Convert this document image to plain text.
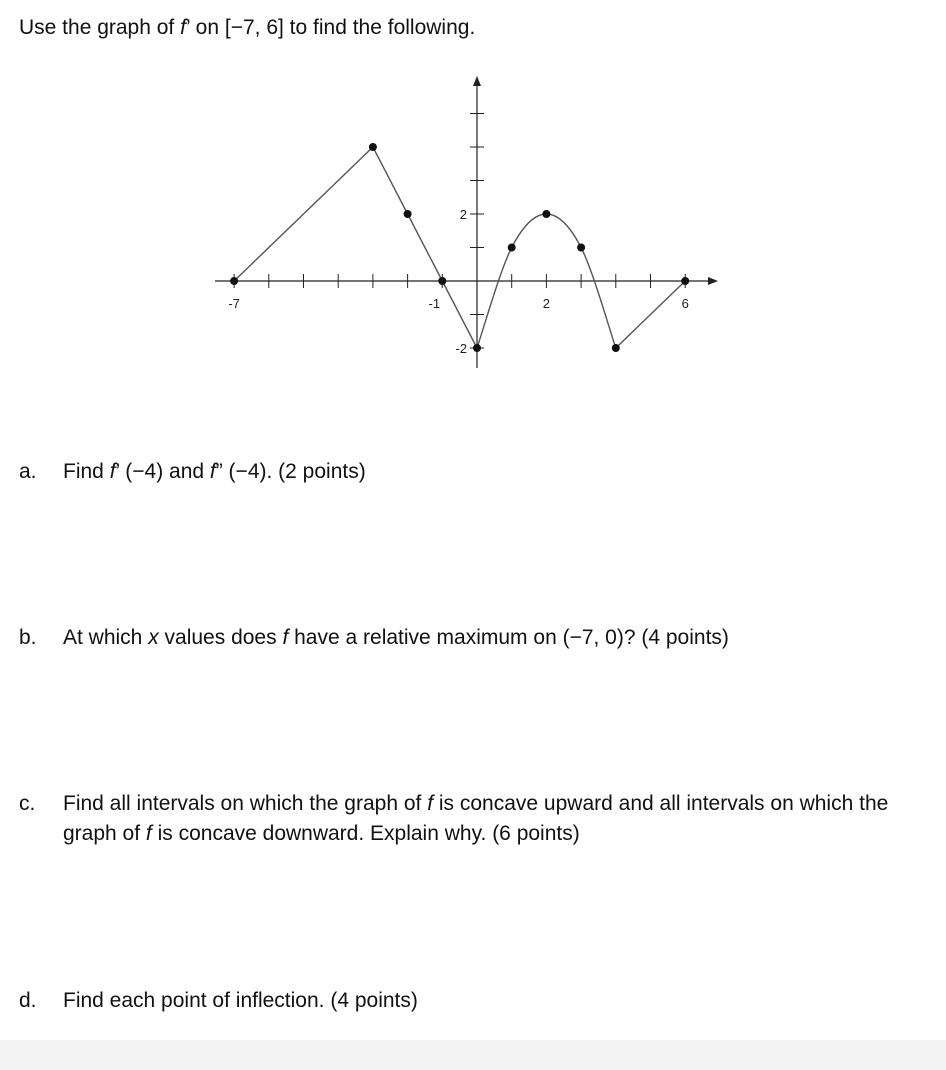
Use the graph of f’ on [−7, 6] to find the following.
-7	-1	2	6
2
-2
a. Find f’ (−4) and f” (−4). (2 points)
b. At which x values does f have a relative maximum on (−7, 0)? (4 points)
c. Find all intervals on which the graph of f is concave upward and all intervals on which the graph of f is concave downward. Explain why. (6 points)
d. Find each point of inflection. (4 points)
